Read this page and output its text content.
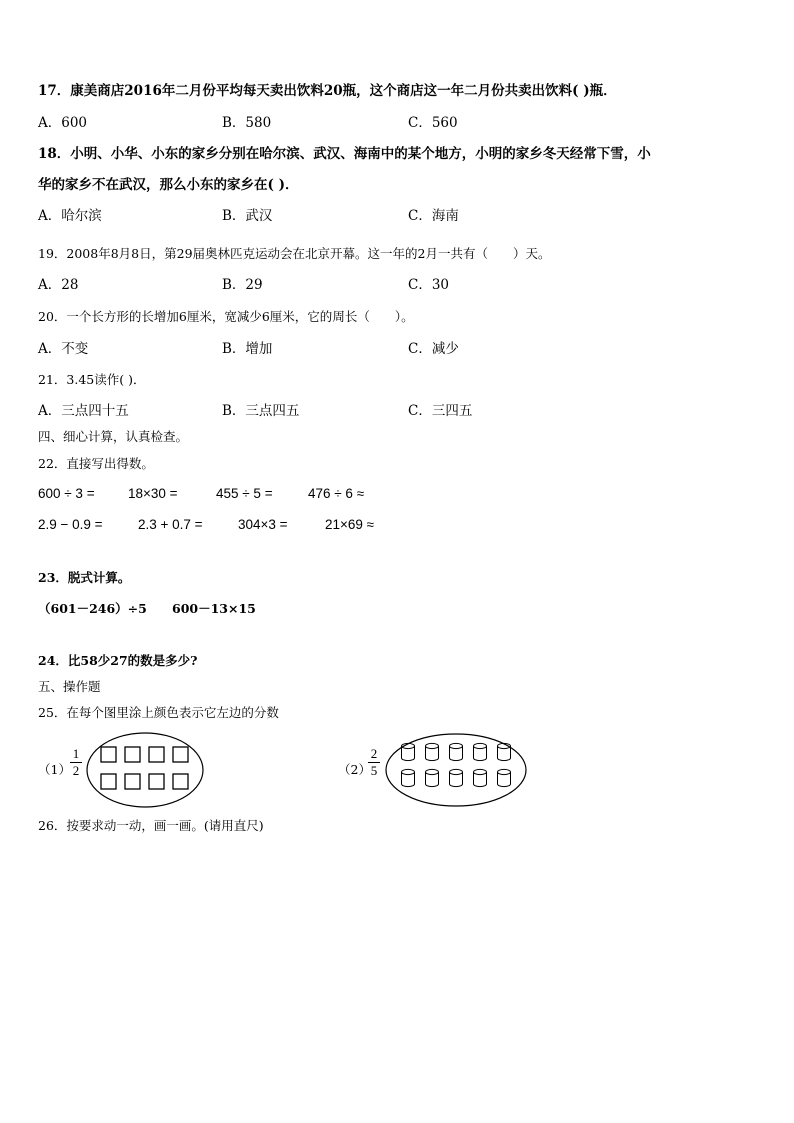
17．康美商店2016年二月份平均每天卖出饮料20瓶，这个商店这一年二月份共卖出饮料( )瓶．
A．600	B．580	C．560
18．小明、小华、小东的家乡分别在哈尔滨、武汉、海南中的某个地方，小明的家乡冬天经常下雪，小
华的家乡不在武汉，那么小东的家乡在( )．
A．哈尔滨	B．武汉	C．海南
19．2008年8月8日，第29届奥林匹克运动会在北京开幕。这一年的2月一共有（　　）天。
A．28	B．29	C．30
20．一个长方形的长增加6厘米，宽减少6厘米，它的周长（　　）。
A．不变	B．增加	C．减少
21．3.45读作( )．
A．三点四十五	B．三点四五	C．三四五
四、细心计算，认真检查。
22．直接写出得数。
600 ÷ 3 = 18×30 =	455 ÷ 5 =	476 ÷ 6 ≈
2.9 − 0.9 =	2.3 + 0.7 =	304×3 =	21×69 ≈
23．脱式计算。
（601－246）÷5 600－13×15
24．比58少27的数是多少?
五、操作题
25．在每个图里涂上颜色表示它左边的分数
（1）
1
2	（2）
2
5
26．按要求动一动，画一画。(请用直尺)
